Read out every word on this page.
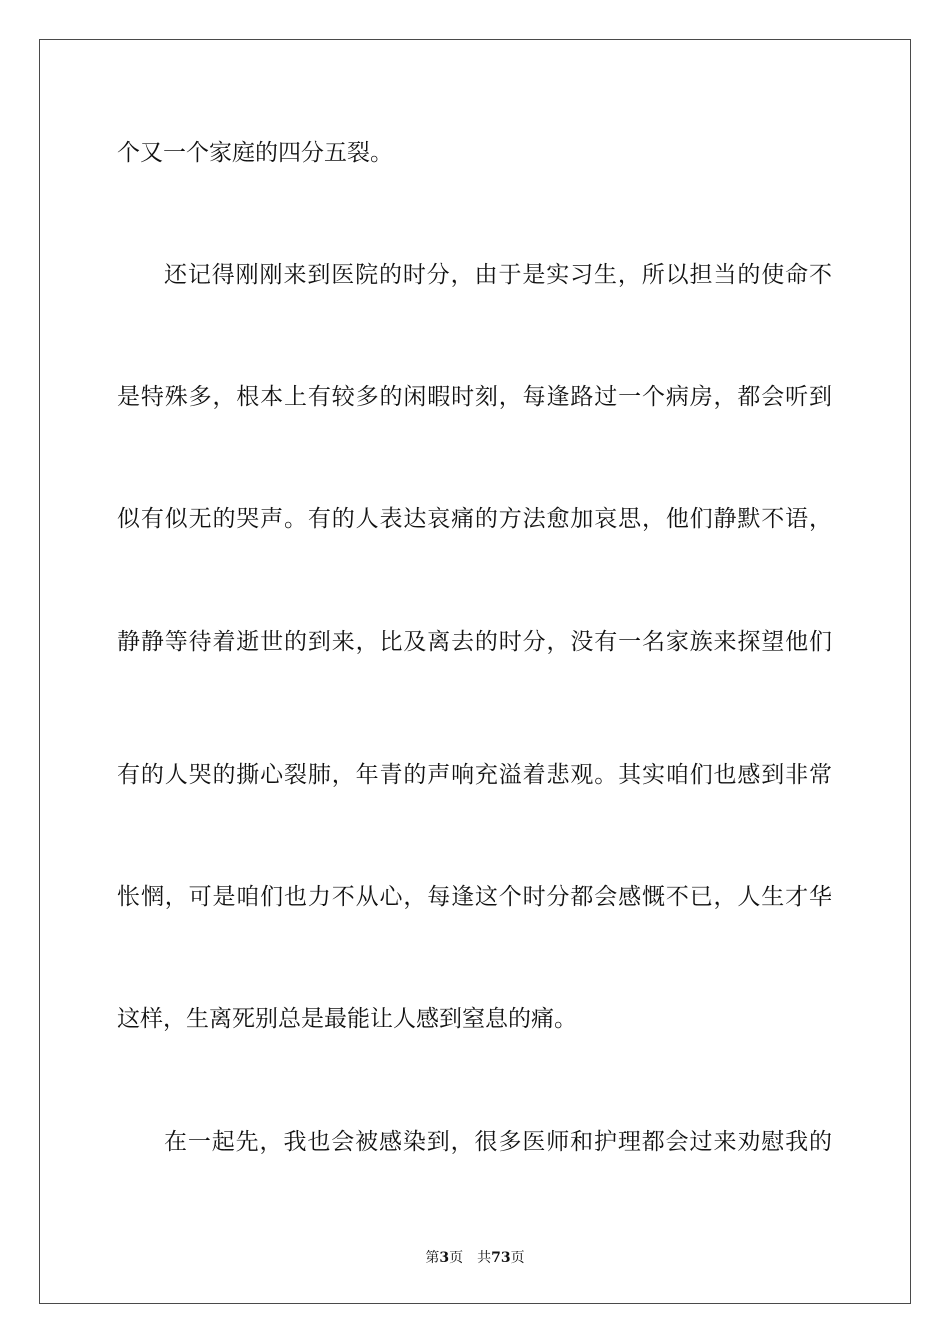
个又一个家庭的四分五裂。
还记得刚刚来到医院的时分，由于是实习生，所以担当的使命不
是特殊多，根本上有较多的闲暇时刻，每逢路过一个病房，都会听到
似有似无的哭声。有的人表达哀痛的方法愈加哀思，他们静默不语，
静静等待着逝世的到来，比及离去的时分，没有一名家族来探望他们
有的人哭的撕心裂肺，年青的声响充溢着悲观。其实咱们也感到非常
怅惘，可是咱们也力不从心，每逢这个时分都会感慨不已，人生才华
这样，生离死别总是最能让人感到窒息的痛。
在一起先，我也会被感染到，很多医师和护理都会过来劝慰我的
第3页 共73页
